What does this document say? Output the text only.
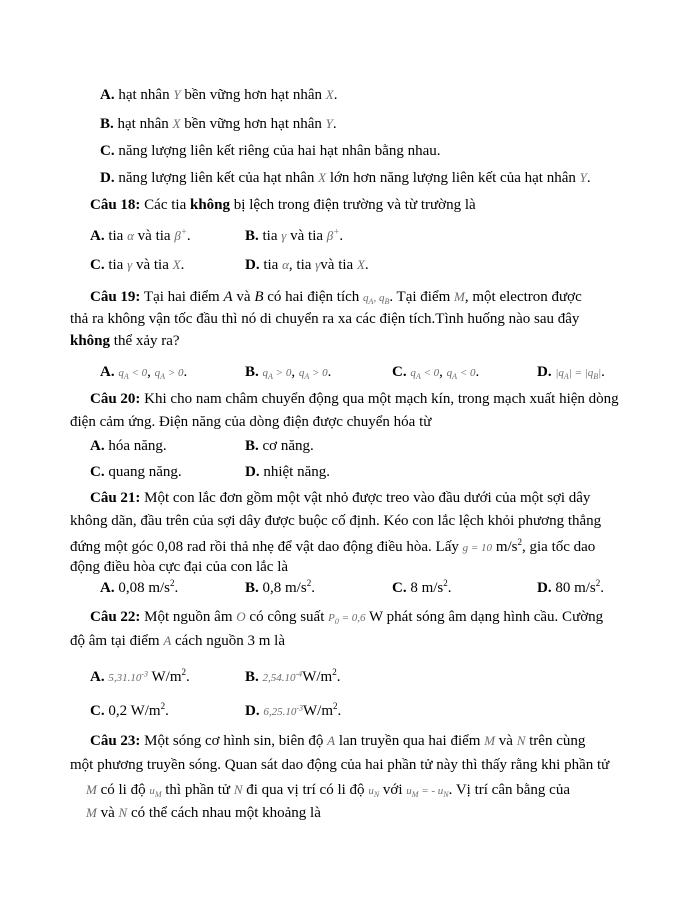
A. hạt nhân Y bền vững hơn hạt nhân X.
B. hạt nhân X bền vững hơn hạt nhân Y.
C. năng lượng liên kết riêng của hai hạt nhân bằng nhau.
D. năng lượng liên kết của hạt nhân X lớn hơn năng lượng liên kết của hạt nhân Y.
Câu 18: Các tia không bị lệch trong điện trường và từ trường là
A. tia α và tia β+.	B. tia γ và tia β+.
C. tia γ và tia X.	D. tia α, tia γvà tia X.
Câu 19: Tại hai điểm A và B có hai điện tích $q_A$, $q_B$. Tại điểm M, một electron được
thả ra không vận tốc đầu thì nó di chuyển ra xa các điện tích.Tình huống nào sau đây
không thể xảy ra?
A. $q_A < 0$, $q_A > 0$.	B. $q_A > 0$, $q_A > 0$.	C. $q_A < 0$, $q_A < 0$.	D. $|q_A| = |q_B|$.
Câu 20: Khi cho nam châm chuyển động qua một mạch kín, trong mạch xuất hiện dòng
điện cảm ứng. Điện năng của dòng điện được chuyển hóa từ
A. hóa năng.	B. cơ năng.
C. quang năng.	D. nhiệt năng.
Câu 21: Một con lắc đơn gồm một vật nhỏ được treo vào đầu dưới của một sợi dây
không dãn, đầu trên của sợi dây được buộc cố định. Kéo con lắc lệch khỏi phương thẳng
đứng một góc 0,08 rad rồi thả nhẹ để vật dao động điều hòa. Lấy g = 10 $m/s^2$, gia tốc dao
động điều hòa cực đại của con lắc là
A. 0,08 $m/s^2$.	B. 0,8 $m/s^2$.	C. 8 $m/s^2$.	D. 80 $m/s^2$.
Câu 22: Một nguồn âm O có công suất $P_0 = 0,6$ W phát sóng âm dạng hình cầu. Cường
độ âm tại điểm A cách nguồn 3 m là
A. $5,31.10^{-3}$ $W/m^2$.	B. $2,54.10^{-4}W/m^2$.
C. 0,2 $W/m^2$.	D. $6,25.10^{-3}W/m^2$.
Câu 23: Một sóng cơ hình sin, biên độ A lan truyền qua hai điểm M và N trên cùng
một phương truyền sóng. Quan sát dao động của hai phần tử này thì thấy rằng khi phần tử
M có li độ $u_M$ thì phần tử N đi qua vị trí có li độ $u_N$ với $u_M$ = - $u_N$. Vị trí cân bằng của
M và N có thể cách nhau một khoảng là
